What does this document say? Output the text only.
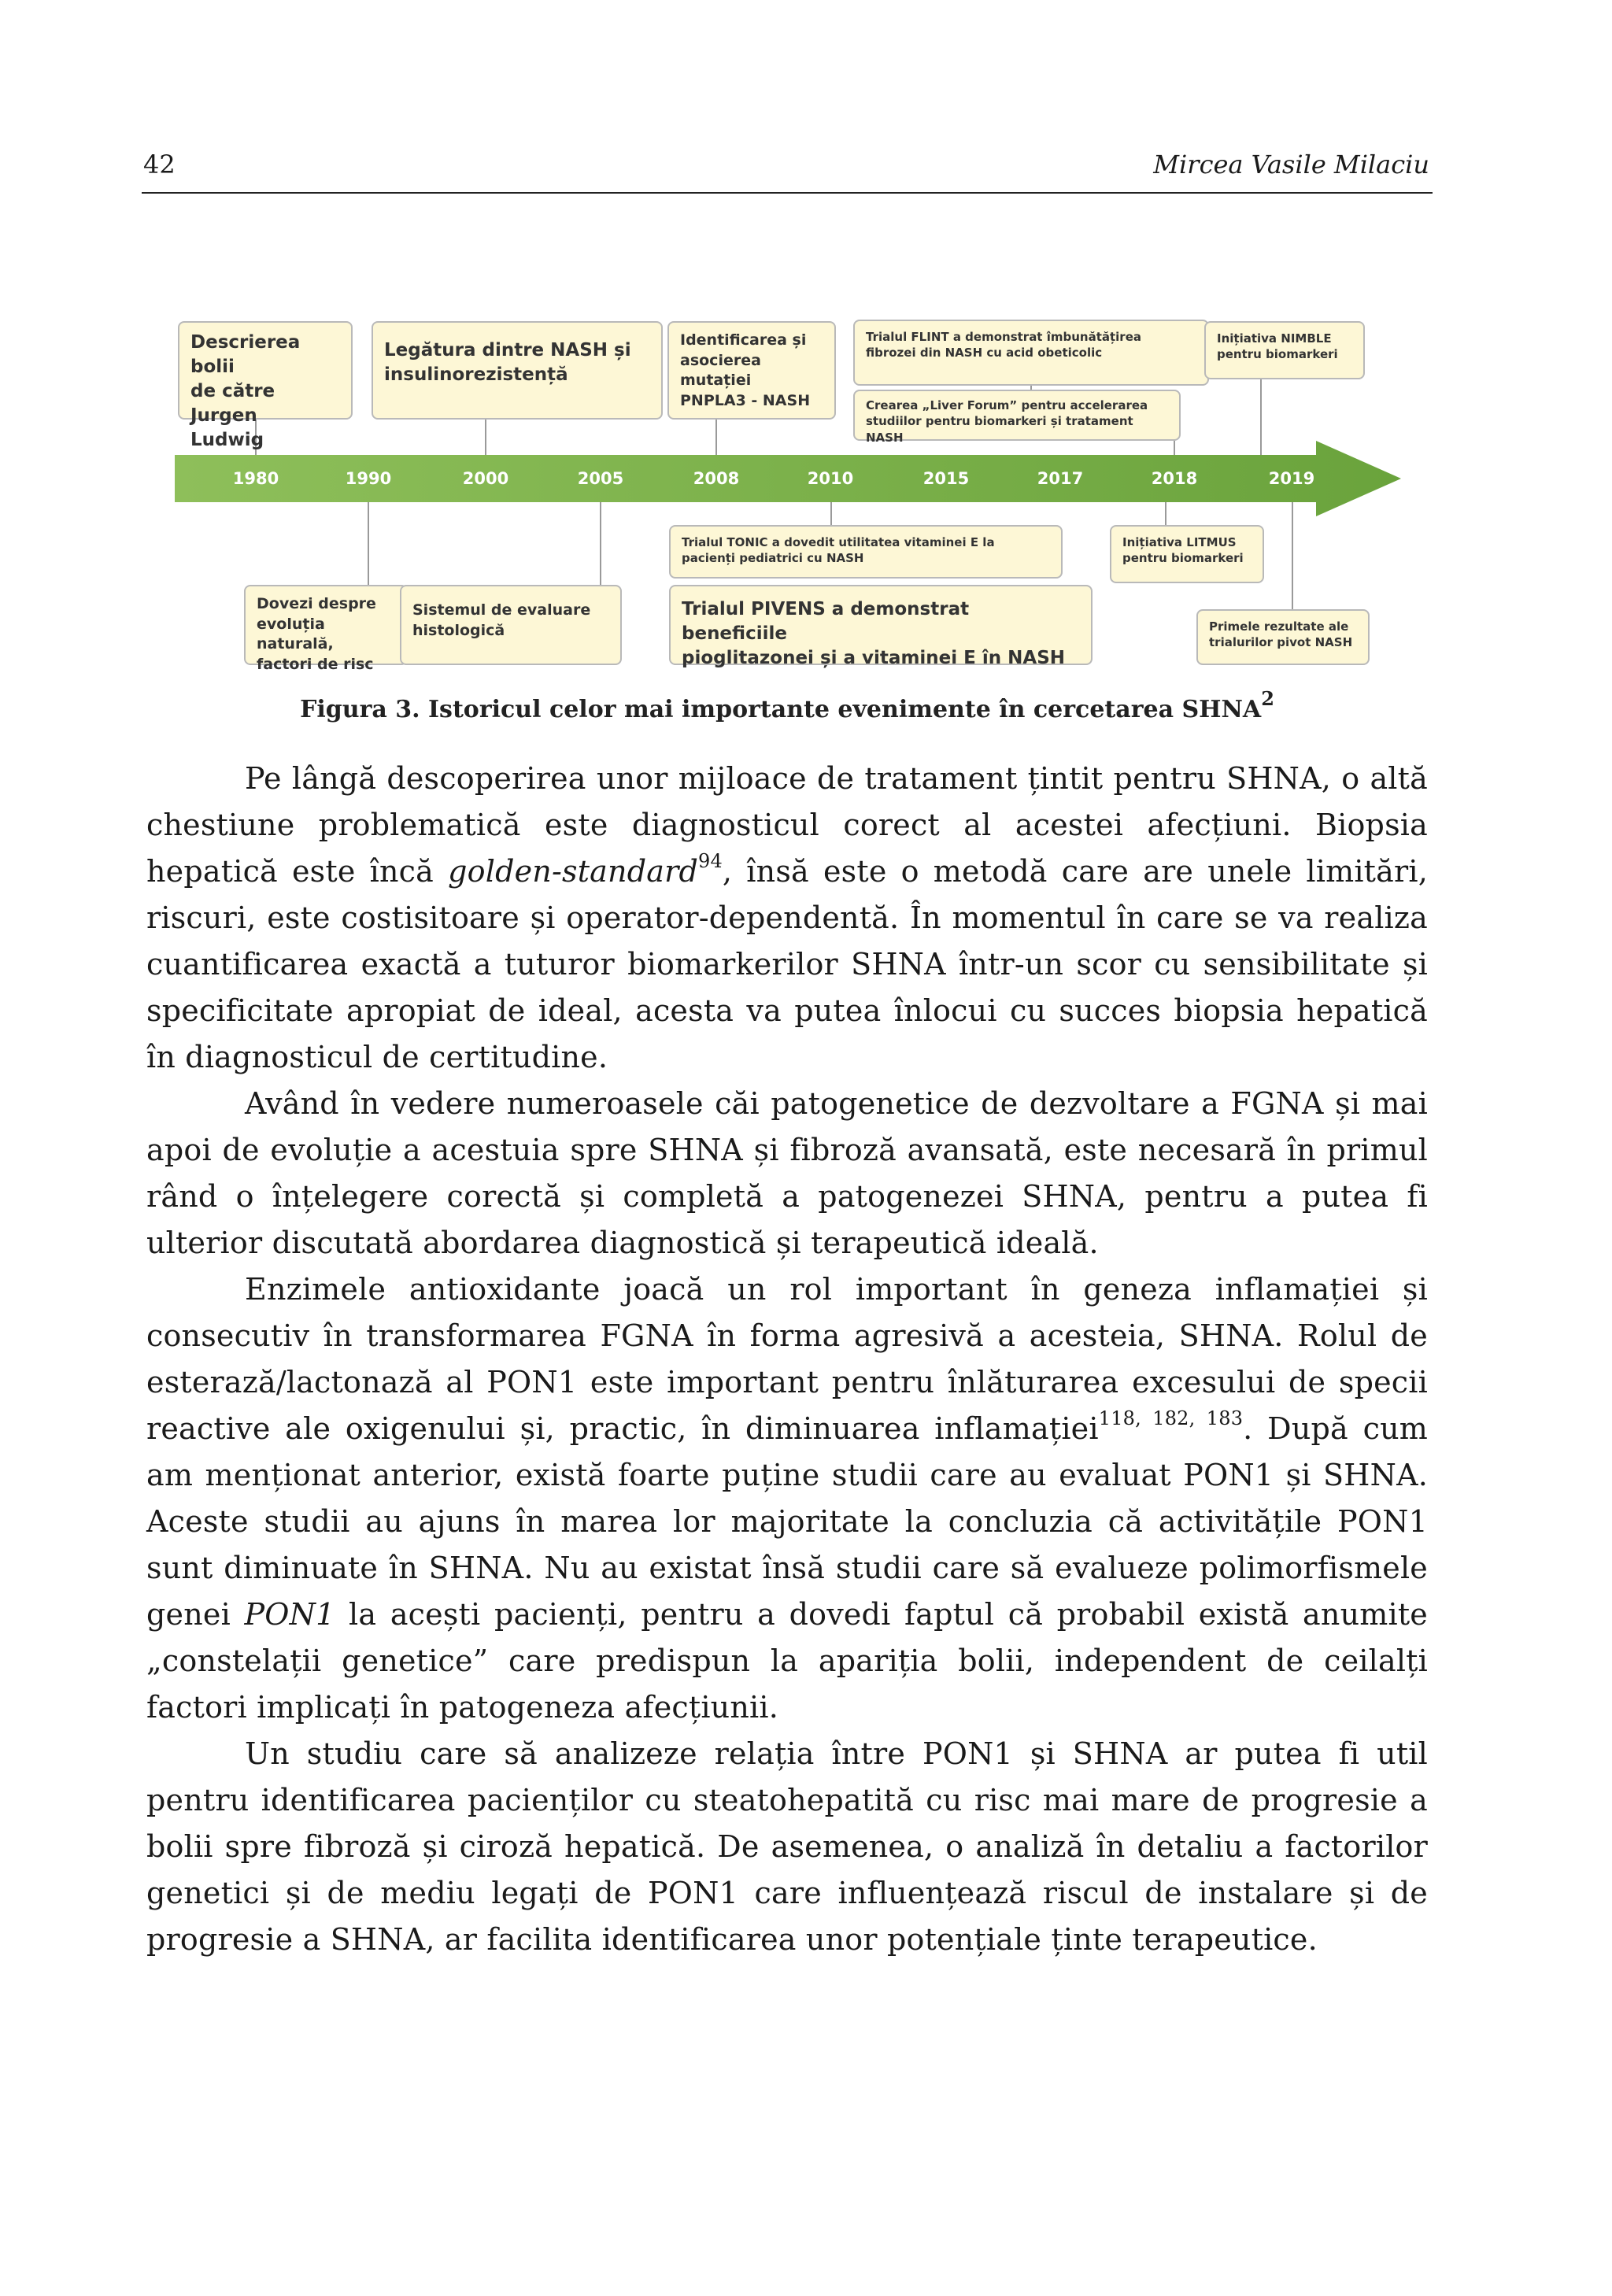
42	Mircea Vasile Milaciu
1980	1990	2000	2005	2008	2010	2015	2017	2018	2019
Descrierea bolii
de către Jurgen
Ludwig
Legătura dintre NASH și
insulinorezistență
Identificarea și
asocierea mutației
PNPLA3 - NASH
Trialul FLINT a demonstrat îmbunătățirea
fibrozei din NASH cu acid obeticolic
Crearea „Liver Forum” pentru accelerarea
studiilor pentru biomarkeri și tratament NASH
Inițiativa NIMBLE
pentru biomarkeri
Dovezi despre
evoluția naturală,
factori de risc
Sistemul de evaluare
histologică
Trialul TONIC a dovedit utilitatea vitaminei E la
pacienți pediatrici cu NASH
Trialul PIVENS a demonstrat beneficiile
pioglitazonei și a vitaminei E în NASH
Inițiativa LITMUS
pentru biomarkeri
Primele rezultate ale
trialurilor pivot NASH
Figura 3. Istoricul celor mai importante evenimente în cercetarea SHNA$^2$

Pe lângă descoperirea unor mijloace de tratament țintit pentru SHNA, o altă chestiune problematică este diagnosticul corect al acestei afecțiuni. Biopsia hepatică este încă golden-standard$^{94}$, însă este o metodă care are unele limitări, riscuri, este costisitoare și operator-dependentă. În momentul în care se va realiza cuantificarea exactă a tuturor biomarkerilor SHNA într-un scor cu sensibilitate și specificitate apropiat de ideal, acesta va putea înlocui cu succes biopsia hepatică în diagnosticul de certitudine.

Având în vedere numeroasele căi patogenetice de dezvoltare a FGNA și mai apoi de evoluție a acestuia spre SHNA și fibroză avansată, este necesară în primul rând o înțelegere corectă și completă a patogenezei SHNA, pentru a putea fi ulterior discutată abordarea diagnostică și terapeutică ideală.

Enzimele antioxidante joacă un rol important în geneza inflamației și consecutiv în transformarea FGNA în forma agresivă a acesteia, SHNA. Rolul de esterază/lactonază al PON1 este important pentru înlăturarea excesului de specii reactive ale oxigenului și, practic, în diminuarea inflamației$^{118, 182, 183}$. După cum am menționat anterior, există foarte puține studii care au evaluat PON1 și SHNA. Aceste studii au ajuns în marea lor majoritate la concluzia că activitățile PON1 sunt diminuate în SHNA. Nu au existat însă studii care să evalueze polimorfismele genei PON1 la acești pacienți, pentru a dovedi faptul că probabil există anumite „constelații genetice” care predispun la apariția bolii, independent de ceilalți factori implicați în patogeneza afecțiunii.

Un studiu care să analizeze relația între PON1 și SHNA ar putea fi util pentru identificarea pacienților cu steatohepatită cu risc mai mare de progresie a bolii spre fibroză și ciroză hepatică. De asemenea, o analiză în detaliu a factorilor genetici și de mediu legați de PON1 care influențează riscul de instalare și de progresie a SHNA, ar facilita identificarea unor potențiale ținte terapeutice.
